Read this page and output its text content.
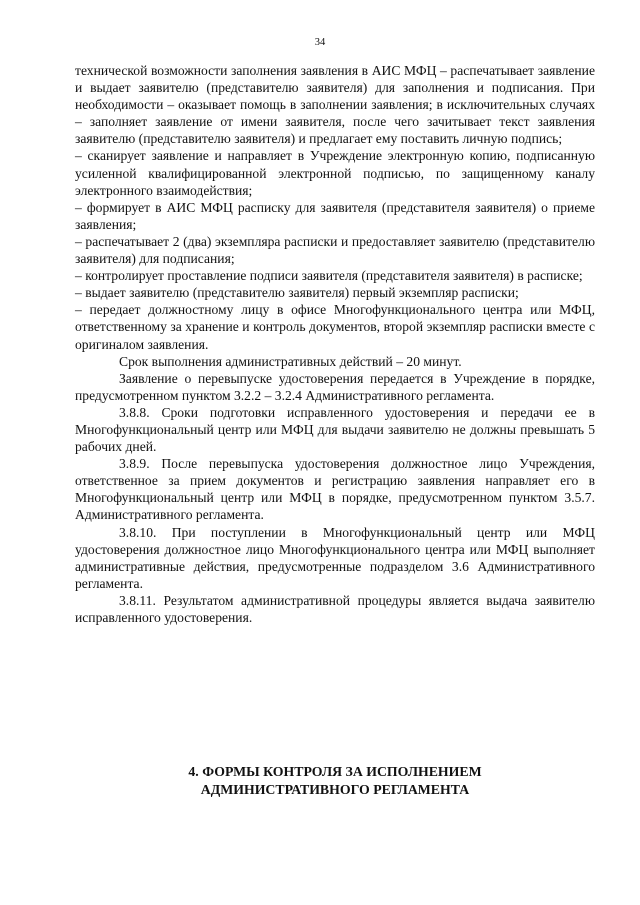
34

технической возможности заполнения заявления в АИС МФЦ – распечатывает заявление и выдает заявителю (представителю заявителя) для заполнения и подписания. При необходимости – оказывает помощь в заполнении заявления; в исключительных случаях – заполняет заявление от имени заявителя, после чего зачитывает текст заявления заявителю (представителю заявителя) и предлагает ему поставить личную подпись;

– сканирует заявление и направляет в Учреждение электронную копию, подписанную усиленной квалифицированной электронной подписью, по защищенному каналу электронного взаимодействия;

– формирует в АИС МФЦ расписку для заявителя (представителя заявителя) о приеме заявления;

– распечатывает 2 (два) экземпляра расписки и предоставляет заявителю (представителю заявителя) для подписания;

– контролирует проставление подписи заявителя (представителя заявителя) в расписке;

– выдает заявителю (представителю заявителя) первый экземпляр расписки;

– передает должностному лицу в офисе Многофункционального центра или МФЦ, ответственному за хранение и контроль документов, второй экземпляр расписки вместе с оригиналом заявления.

Срок выполнения административных действий – 20 минут.

Заявление о перевыпуске удостоверения передается в Учреждение в порядке, предусмотренном пунктом 3.2.2 – 3.2.4 Административного регламента.

3.8.8. Сроки подготовки исправленного удостоверения и передачи ее в Многофункциональный центр или МФЦ для выдачи заявителю не должны превышать 5 рабочих дней.

3.8.9. После перевыпуска удостоверения должностное лицо Учреждения, ответственное за прием документов и регистрацию заявления направляет его в Многофункциональный центр или МФЦ в порядке, предусмотренном пунктом 3.5.7. Административного регламента.

3.8.10. При поступлении в Многофункциональный центр или МФЦ удостоверения должностное лицо Многофункционального центра или МФЦ выполняет административные действия, предусмотренные подразделом 3.6 Административного регламента.

3.8.11. Результатом административной процедуры является выдача заявителю исправленного удостоверения.

4. ФОРМЫ КОНТРОЛЯ ЗА ИСПОЛНЕНИЕМ
АДМИНИСТРАТИВНОГО РЕГЛАМЕНТА
